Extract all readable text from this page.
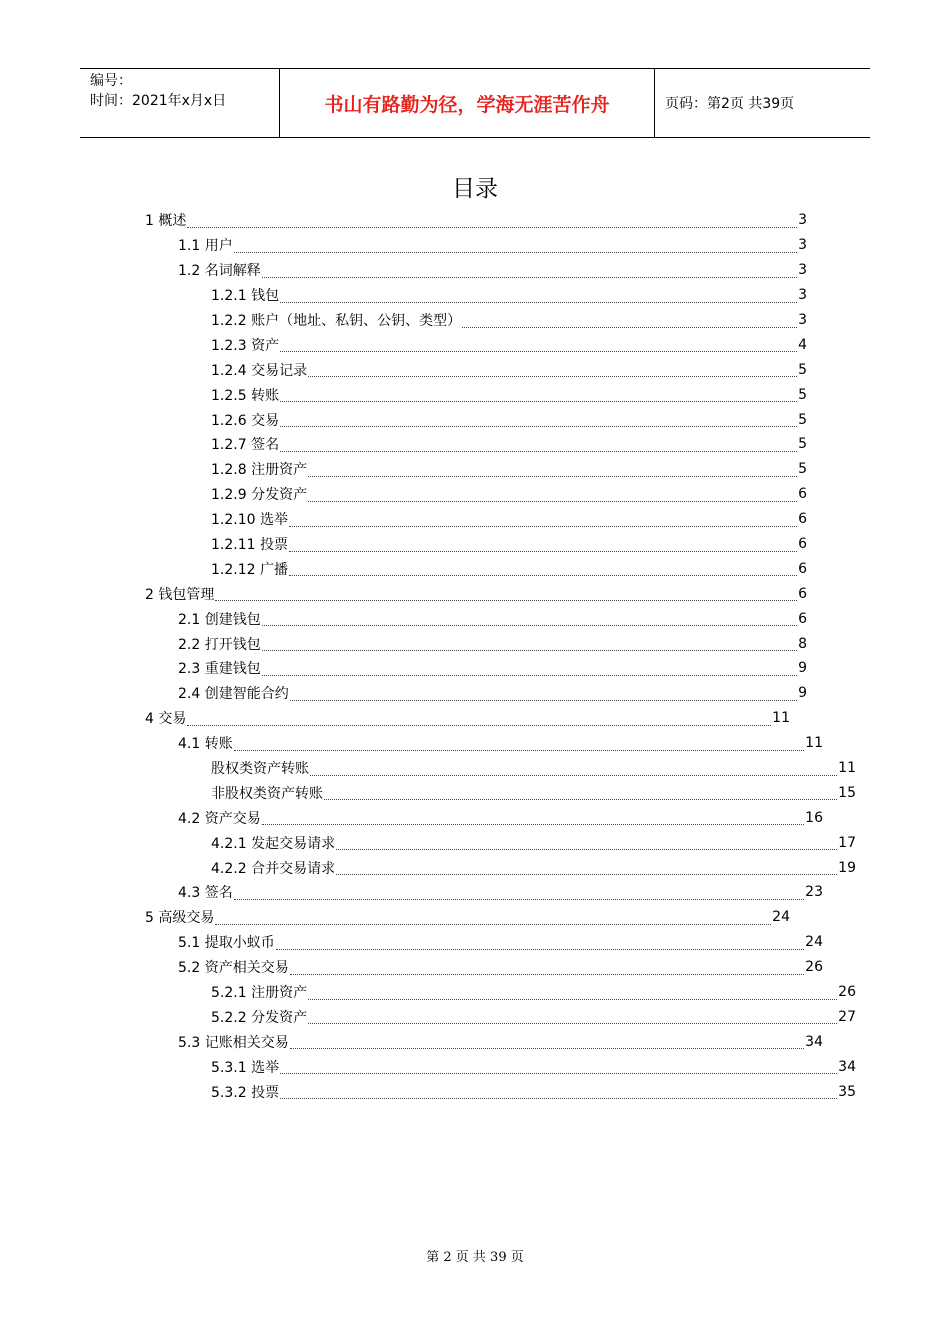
编号：
时间：2021年x月x日	书山有路勤为径，学海无涯苦作舟	页码：第2页 共39页
目录
1 概述	3
1.1 用户	3
1.2 名词解释	3
1.2.1 钱包	3
1.2.2 账户（地址、私钥、公钥、类型）	3
1.2.3 资产	4
1.2.4 交易记录	5
1.2.5 转账	5
1.2.6 交易	5
1.2.7 签名	5
1.2.8 注册资产	5
1.2.9 分发资产	6
1.2.10 选举	6
1.2.11 投票	6
1.2.12 广播	6
2 钱包管理	6
2.1 创建钱包	6
2.2 打开钱包	8
2.3 重建钱包	9
2.4 创建智能合约	9
4 交易	11
4.1 转账	11
股权类资产转账	11
非股权类资产转账	15
4.2 资产交易	16
4.2.1 发起交易请求	17
4.2.2 合并交易请求	19
4.3 签名	23
5 高级交易	24
5.1 提取小蚁币	24
5.2 资产相关交易	26
5.2.1 注册资产	26
5.2.2 分发资产	27
5.3 记账相关交易	34
5.3.1 选举	34
5.3.2 投票	35
第 2 页 共 39 页
